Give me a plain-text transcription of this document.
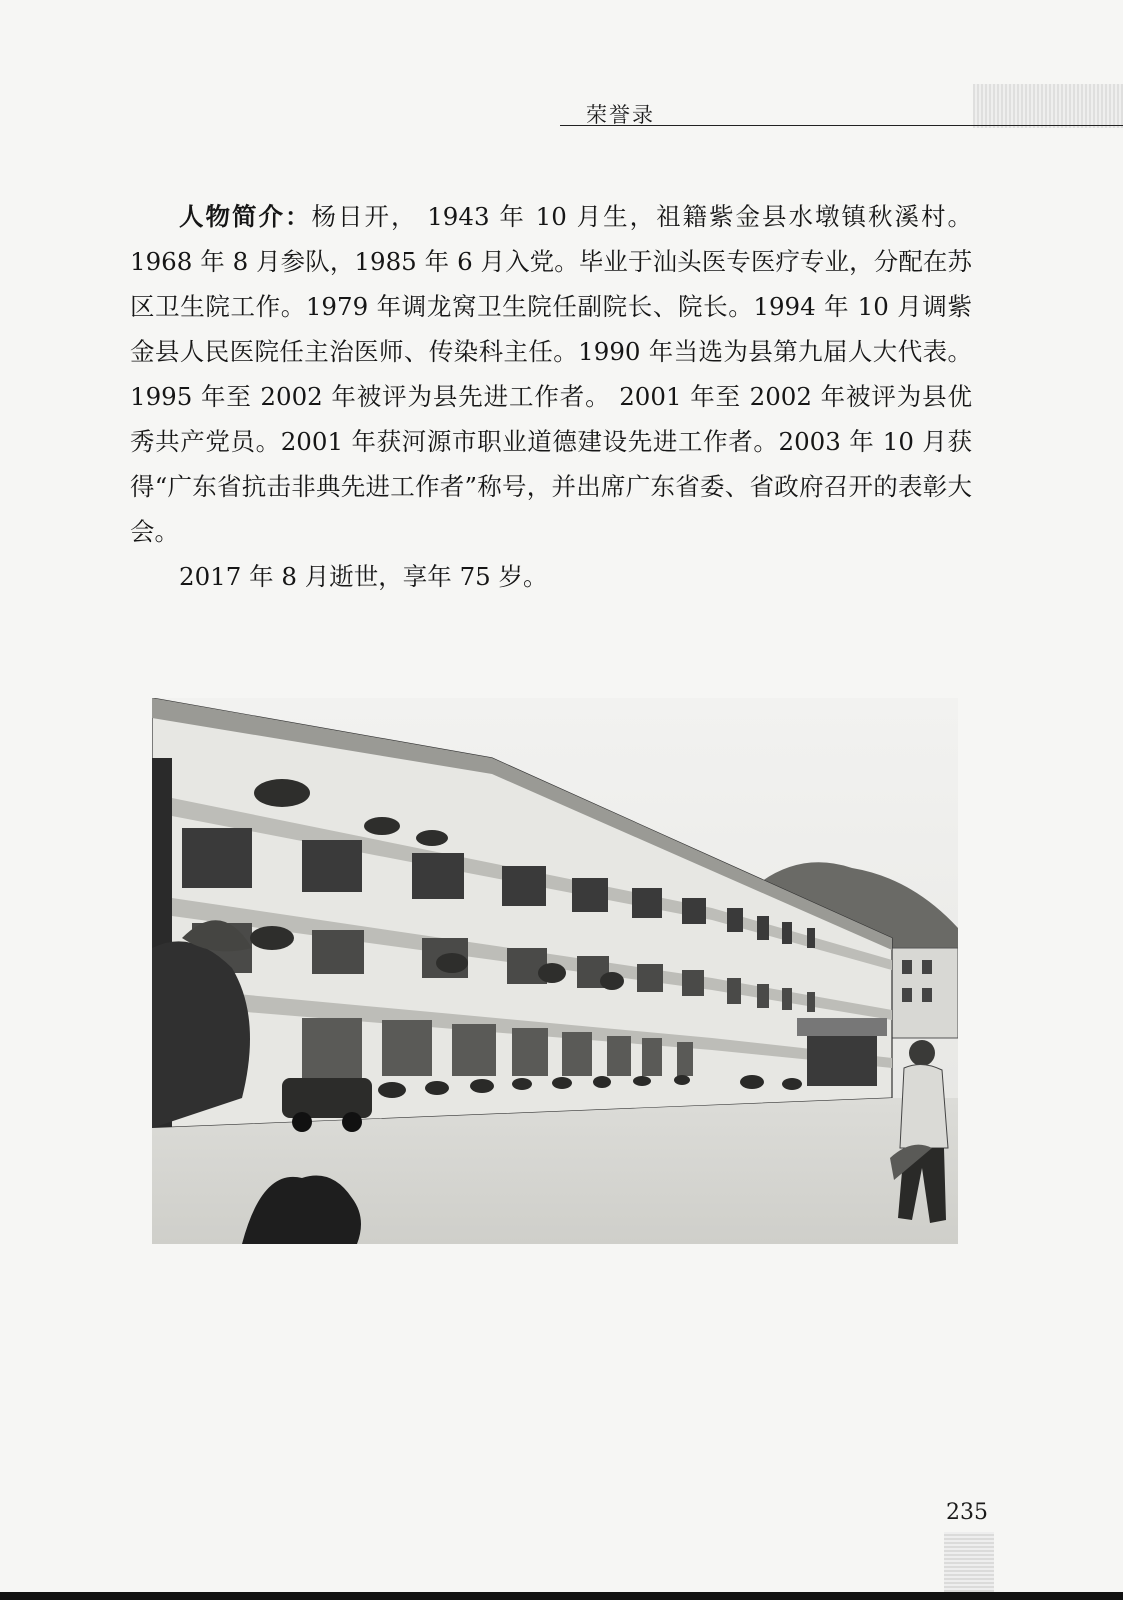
荣誉录

人物简介：杨日开， 1943 年 10 月生，祖籍紫金县水墩镇秋溪村。1968 年 8 月参队，1985 年 6 月入党。毕业于汕头医专医疗专业，分配在苏区卫生院工作。1979 年调龙窝卫生院任副院长、院长。1994 年 10 月调紫金县人民医院任主治医师、传染科主任。1990 年当选为县第九届人大代表。 1995 年至 2002 年被评为县先进工作者。 2001 年至 2002 年被评为县优秀共产党员。2001 年获河源市职业道德建设先进工作者。2003 年 10 月获得“广东省抗击非典先进工作者”称号，并出席广东省委、省政府召开的表彰大会。

2017 年 8 月逝世，享年 75 岁。

235
